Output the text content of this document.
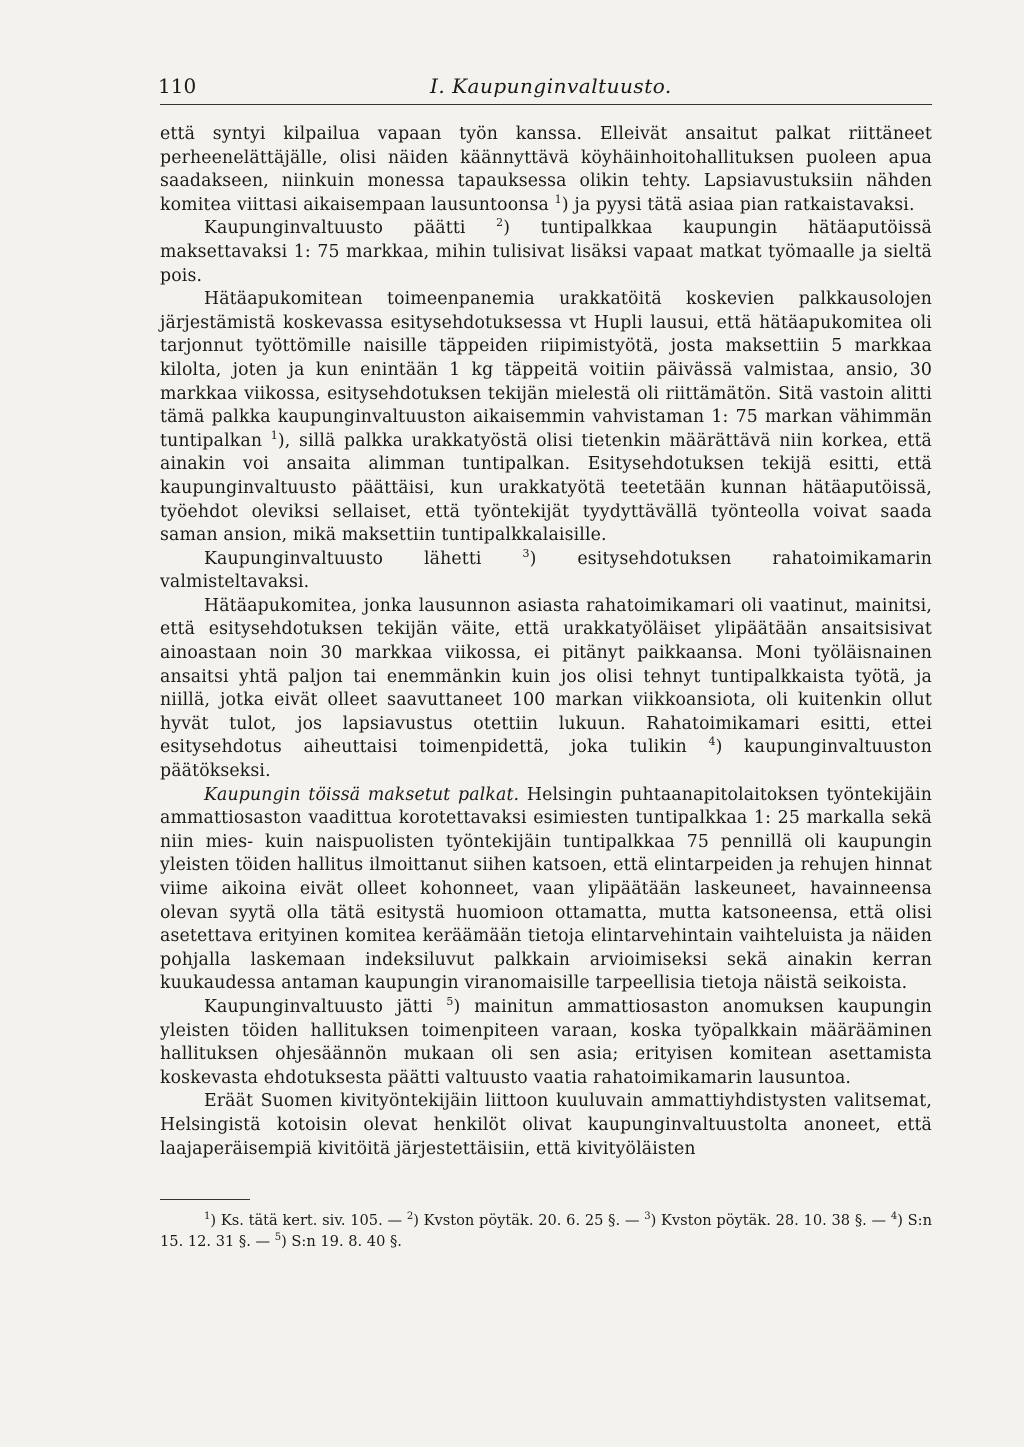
110	I. Kaupunginvaltuusto.

että syntyi kilpailua vapaan työn kanssa. Elleivät ansaitut palkat riittäneet perheenelättäjälle, olisi näiden käännyttävä köyhäinhoitohallituksen puoleen apua saadakseen, niinkuin monessa tapauksessa olikin tehty. Lapsiavustuksiin nähden komitea viittasi aikaisempaan lausuntoonsa $^1$) ja pyysi tätä asiaa pian ratkaistavaksi.

Kaupunginvaltuusto päätti $^2$) tuntipalkkaa kaupungin hätäaputöissä maksettavaksi 1: 75 markkaa, mihin tulisivat lisäksi vapaat matkat työmaalle ja sieltä pois.

Hätäapukomitean toimeenpanemia urakkatöitä koskevien palkkausolojen järjestämistä koskevassa esitysehdotuksessa vt Hupli lausui, että hätäapukomitea oli tarjonnut työttömille naisille täppeiden riipimistyötä, josta maksettiin 5 markkaa kilolta, joten ja kun enintään 1 kg täppeitä voitiin päivässä valmistaa, ansio, 30 markkaa viikossa, esitysehdotuksen tekijän mielestä oli riittämätön. Sitä vastoin alitti tämä palkka kaupunginvaltuuston aikaisemmin vahvistaman 1: 75 markan vähimmän tuntipalkan $^1$), sillä palkka urakkatyöstä olisi tietenkin määrättävä niin korkea, että ainakin voi ansaita alimman tuntipalkan. Esitysehdotuksen tekijä esitti, että kaupunginvaltuusto päättäisi, kun urakkatyötä teetetään kunnan hätäaputöissä, työehdot oleviksi sellaiset, että työntekijät tyydyttävällä työnteolla voivat saada saman ansion, mikä maksettiin tuntipalkkalaisille.

Kaupunginvaltuusto lähetti $^3$) esitysehdotuksen rahatoimikamarin valmisteltavaksi.

Hätäapukomitea, jonka lausunnon asiasta rahatoimikamari oli vaatinut, mainitsi, että esitysehdotuksen tekijän väite, että urakkatyöläiset ylipäätään ansaitsisivat ainoastaan noin 30 markkaa viikossa, ei pitänyt paikkaansa. Moni työläisnainen ansaitsi yhtä paljon tai enemmänkin kuin jos olisi tehnyt tuntipalkkaista työtä, ja niillä, jotka eivät olleet saavuttaneet 100 markan viikkoansiota, oli kuitenkin ollut hyvät tulot, jos lapsiavustus otettiin lukuun. Rahatoimikamari esitti, ettei esitysehdotus aiheuttaisi toimenpidettä, joka tulikin $^4$) kaupunginvaltuuston päätökseksi.

Kaupungin töissä maksetut palkat. Helsingin puhtaanapitolaitoksen työntekijäin ammattiosaston vaadittua korotettavaksi esimiesten tuntipalkkaa 1: 25 markalla sekä niin mies- kuin naispuolisten työntekijäin tuntipalkkaa 75 pennillä oli kaupungin yleisten töiden hallitus ilmoittanut siihen katsoen, että elintarpeiden ja rehujen hinnat viime aikoina eivät olleet kohonneet, vaan ylipäätään laskeuneet, havainneensa olevan syytä olla tätä esitystä huomioon ottamatta, mutta katsoneensa, että olisi asetettava erityinen komitea keräämään tietoja elintarvehintain vaihteluista ja näiden pohjalla laskemaan indeksiluvut palkkain arvioimiseksi sekä ainakin kerran kuukaudessa antaman kaupungin viranomaisille tarpeellisia tietoja näistä seikoista.

Kaupunginvaltuusto jätti $^5$) mainitun ammattiosaston anomuksen kaupungin yleisten töiden hallituksen toimenpiteen varaan, koska työpalkkain määrääminen hallituksen ohjesäännön mukaan oli sen asia; erityisen komitean asettamista koskevasta ehdotuksesta päätti valtuusto vaatia rahatoimikamarin lausuntoa.

Eräät Suomen kivityöntekijäin liittoon kuuluvain ammattiyhdistysten valitsemat, Helsingistä kotoisin olevat henkilöt olivat kaupunginvaltuustolta anoneet, että laajaperäisempiä kivitöitä järjestettäisiin, että kivityöläisten

$^1$) Ks. tätä kert. siv. 105. — $^2$) Kvston pöytäk. 20. 6. 25 §. — $^3$) Kvston pöytäk. 28. 10. 38 §. — $^4$) S:n 15. 12. 31 §. — $^5$) S:n 19. 8. 40 §.
